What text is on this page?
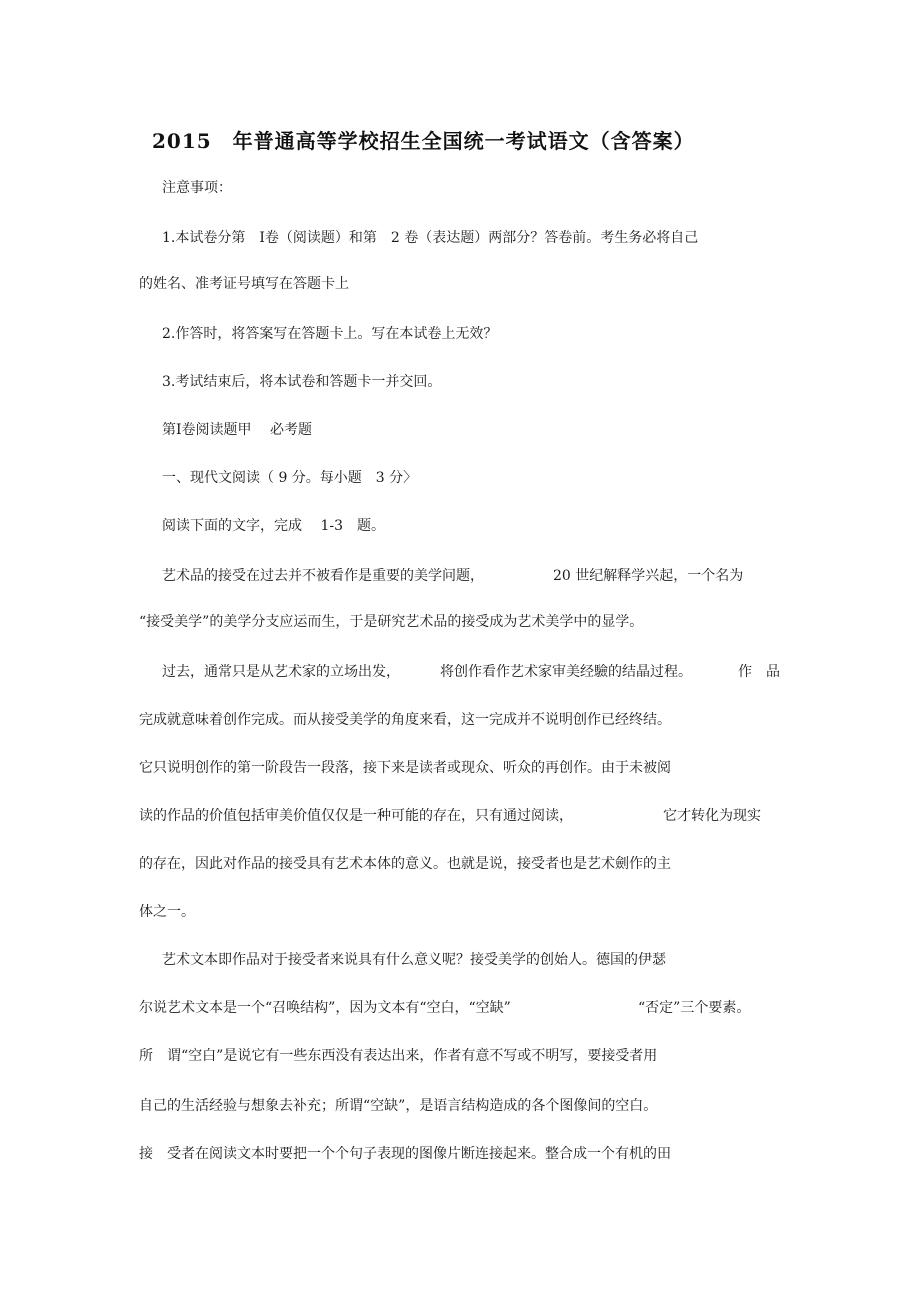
2015　年普通高等学校招生全国统一考试语文（含答案）
注意事项：
1.本试卷分第　Ⅰ卷（阅读题）和第　2 卷（表达题）两部分？答卷前。考生务必将自己
的姓名、准考证号填写在答题卡上
2.作答时，将答案写在答题卡上。写在本试卷上无效？
3.考试结束后，将本试卷和答题卡一并交回。
第Ⅰ卷阅读题甲　 必考题
一、现代文阅读（ 9 分。每小题　3 分〉
阅读下面的文字，完成　 1-3　题。
艺术品的接受在过去并不被看作是重要的美学问题，	20 世纪解释学兴起，一个名为
“接受美学”的美学分支应运而生，于是研究艺术品的接受成为艺术美学中的显学。
过去，通常只是从艺术家的立场出发，	将创作看作艺术家审美经驗的结晶过程。	作　品
完成就意味着创作完成。而从接受美学的角度来看，这一完成并不说明创作已经终结。
它只说明创作的第一阶段告一段落，接下来是读者或现众、听众的再创作。由于未被阅
读的作品的价值包括审美价值仅仅是一种可能的存在，只有通过阅读，	它才转化为现实
的存在，因此对作品的接受具有艺术本体的意义。也就是说，接受者也是艺术劍作的主
体之一。
艺术文本即作品对于接受者来说具有什么意义呢？接受美学的创始人。德国的伊瑟
尔说艺术文本是一个“召唤结构”，因为文本有“空白，“空缺”	“否定”三个要素。
所　谓“空白”是说它有一些东西没有表达出来，作者有意不写或不明写，要接受者用
自己的生活经验与想象去补充；所谓“空缺”，是语言结构造成的各个图像间的空白。
接　受者在阅读文本时要把一个个句子表现的图像片断连接起来。整合成一个有机的田
